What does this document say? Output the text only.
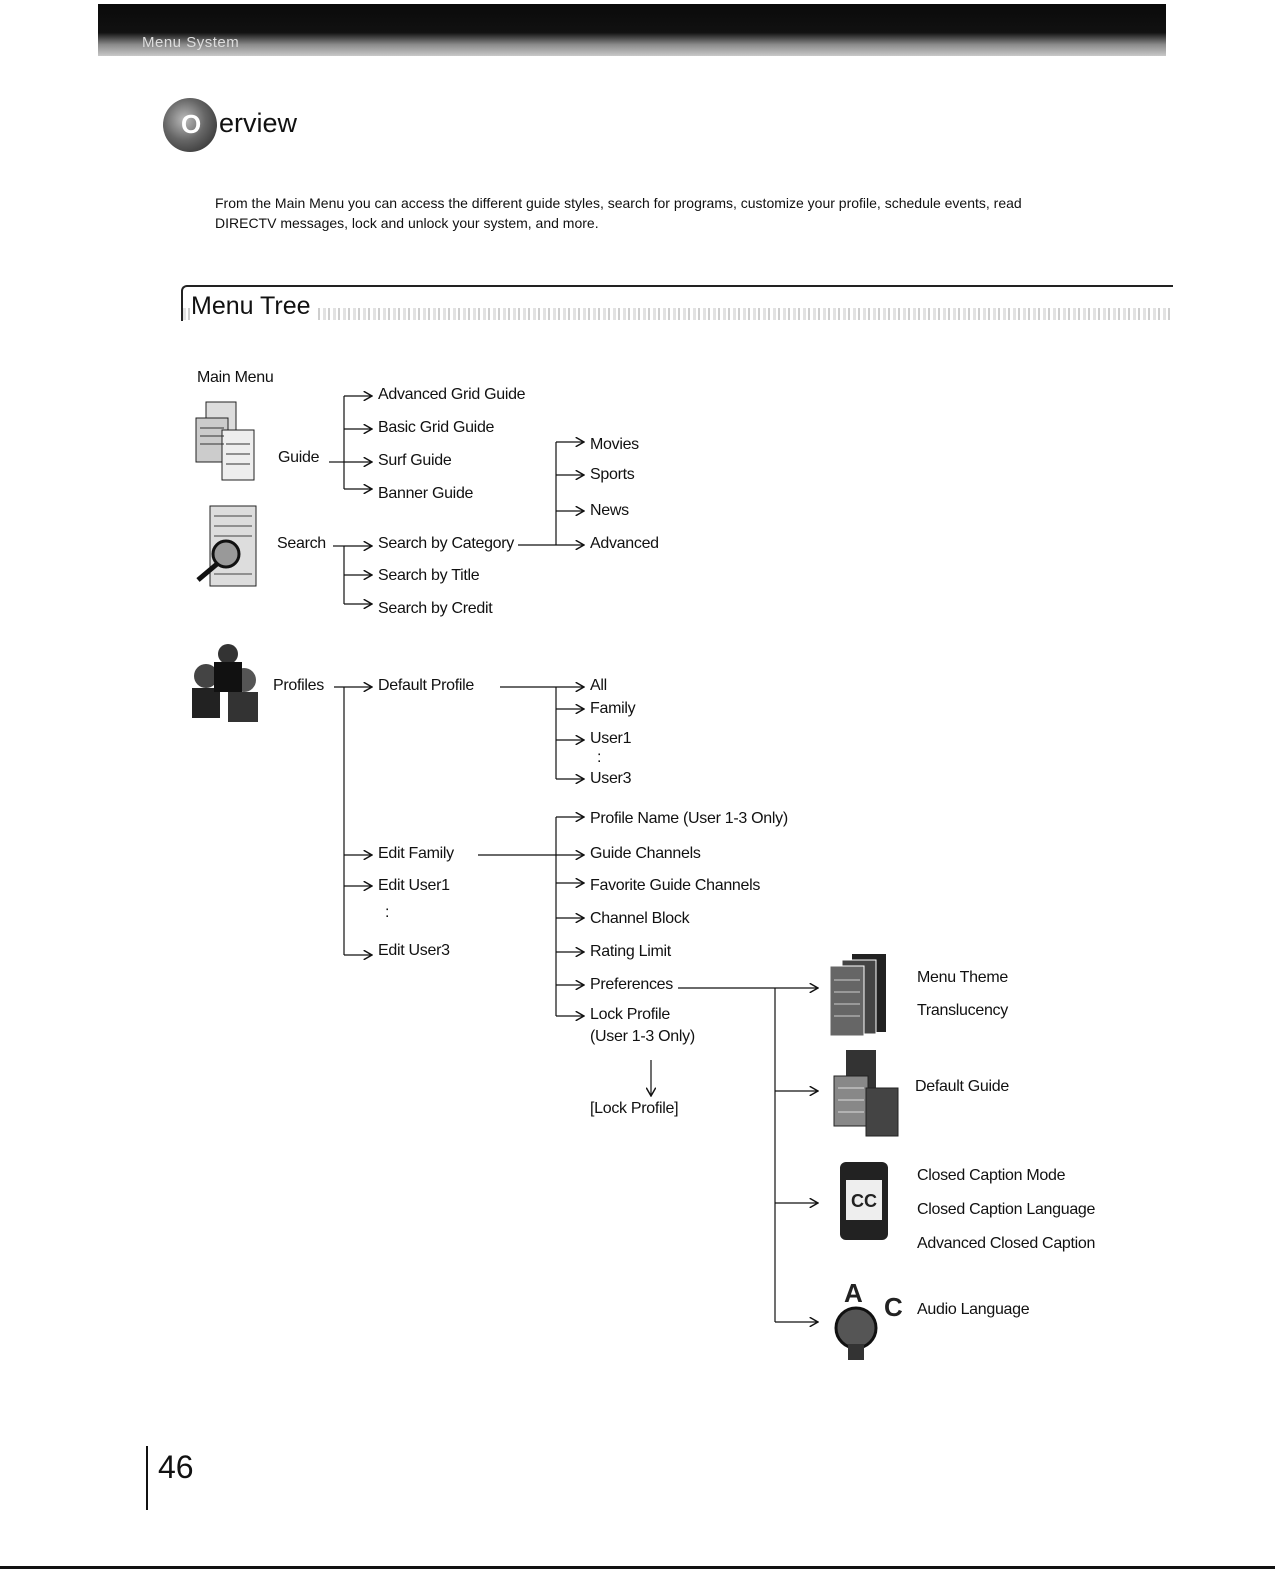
Menu System
O erview
From the Main Menu you can access the different guide styles, search for programs, customize your profile, schedule events, read DIRECTV messages, lock and unlock your system, and more.
Menu Tree
Main Menu
Guide
Advanced Grid Guide
Basic Grid Guide
Surf Guide
Banner Guide
Search	Search by Category
Search by Title
Search by Credit
Movies
Sports
News
Advanced
Profiles	Default Profile
Edit Family
Edit User1
:
Edit User3
All
Family
User1
:
User3
Profile Name (User 1-3 Only)
Guide Channels
Favorite Guide Channels
Channel Block
Rating Limit
Preferences
Lock Profile
(User 1-3 Only)
[Lock Profile]
CC
A C
Menu Theme
Translucency
Default Guide
Closed Caption Mode
Closed Caption Language
Advanced Closed Caption
Audio Language
46
